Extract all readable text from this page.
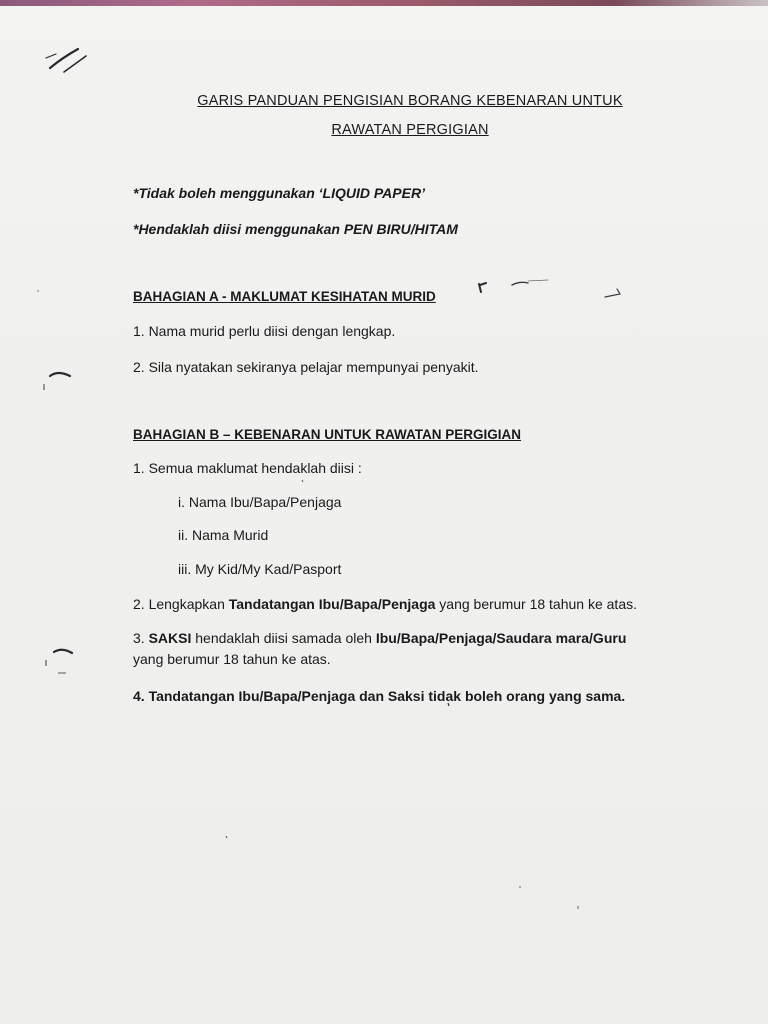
GARIS PANDUAN PENGISIAN BORANG KEBENARAN UNTUK
RAWATAN PERGIGIAN
*Tidak boleh menggunakan ‘LIQUID PAPER’
*Hendaklah diisi menggunakan PEN BIRU/HITAM
BAHAGIAN A - MAKLUMAT KESIHATAN MURID
1. Nama murid perlu diisi dengan lengkap.
2. Sila nyatakan sekiranya pelajar mempunyai penyakit.
BAHAGIAN B – KEBENARAN UNTUK RAWATAN PERGIGIAN
1. Semua maklumat hendaklah diisi :
i. Nama Ibu/Bapa/Penjaga
ii. Nama Murid
iii. My Kid/My Kad/Pasport
2. Lengkapkan Tandatangan Ibu/Bapa/Penjaga yang berumur 18 tahun ke atas.
3. SAKSI hendaklah diisi samada oleh Ibu/Bapa/Penjaga/Saudara mara/Guru
yang berumur 18 tahun ke atas.
4. Tandatangan Ibu/Bapa/Penjaga dan Saksi tidak boleh orang yang sama.
